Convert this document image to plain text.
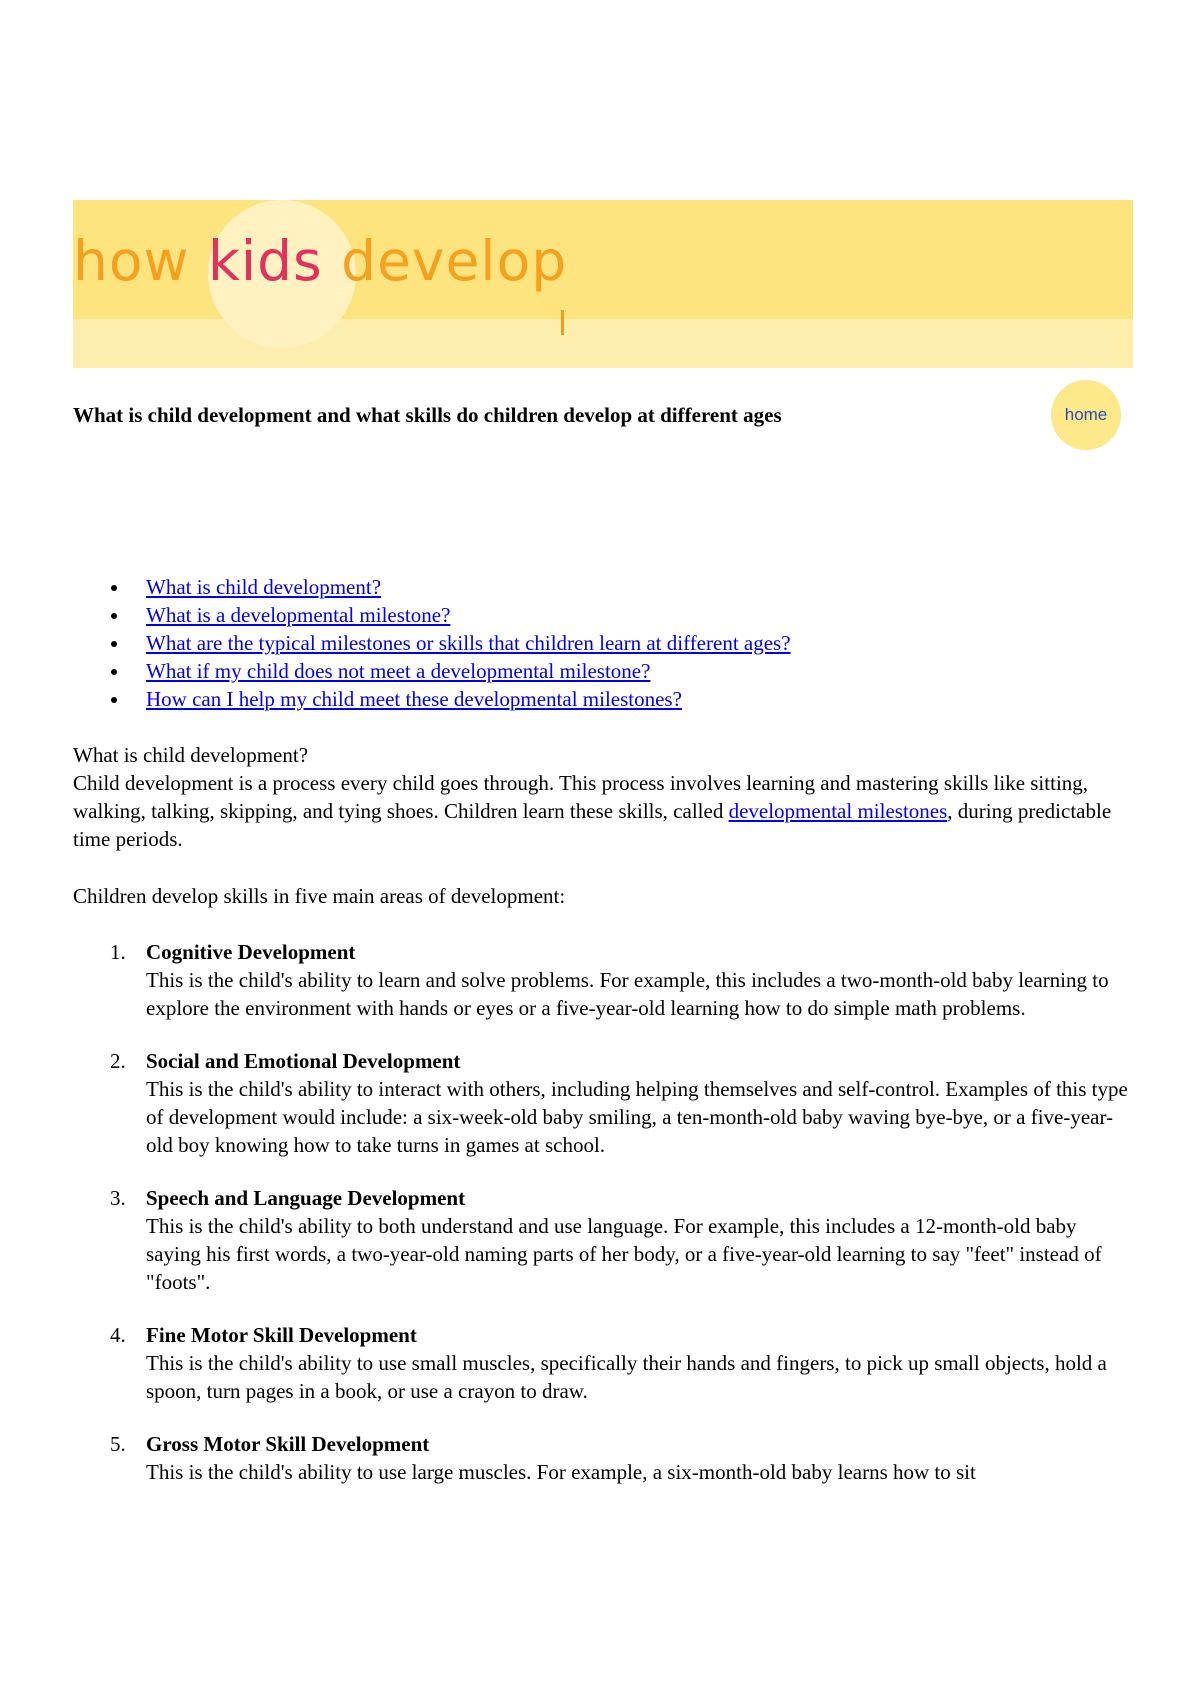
how kids develop
What is child development and what skills do children develop at different ages	home
What is child development?
What is a developmental milestone?
What are the typical milestones or skills that children learn at different ages?
What if my child does not meet a developmental milestone?
How can I help my child meet these developmental milestones?

What is child development?
Child development is a process every child goes through. This process involves learning and mastering skills like sitting, walking, talking, skipping, and tying shoes. Children learn these skills, called developmental milestones, during predictable time periods.

Children develop skills in five main areas of development:

1. Cognitive Development
This is the child's ability to learn and solve problems. For example, this includes a two-month-old baby learning to explore the environment with hands or eyes or a five-year-old learning how to do simple math problems.
2. Social and Emotional Development
This is the child's ability to interact with others, including helping themselves and self-control. Examples of this type of development would include: a six-week-old baby smiling, a ten-month-old baby waving bye-bye, or a five-year-old boy knowing how to take turns in games at school.
3. Speech and Language Development
This is the child's ability to both understand and use language. For example, this includes a 12-month-old baby saying his first words, a two-year-old naming parts of her body, or a five-year-old learning to say "feet" instead of "foots".
4. Fine Motor Skill Development
This is the child's ability to use small muscles, specifically their hands and fingers, to pick up small objects, hold a spoon, turn pages in a book, or use a crayon to draw.
5. Gross Motor Skill Development
This is the child's ability to use large muscles. For example, a six-month-old baby learns how to sit
